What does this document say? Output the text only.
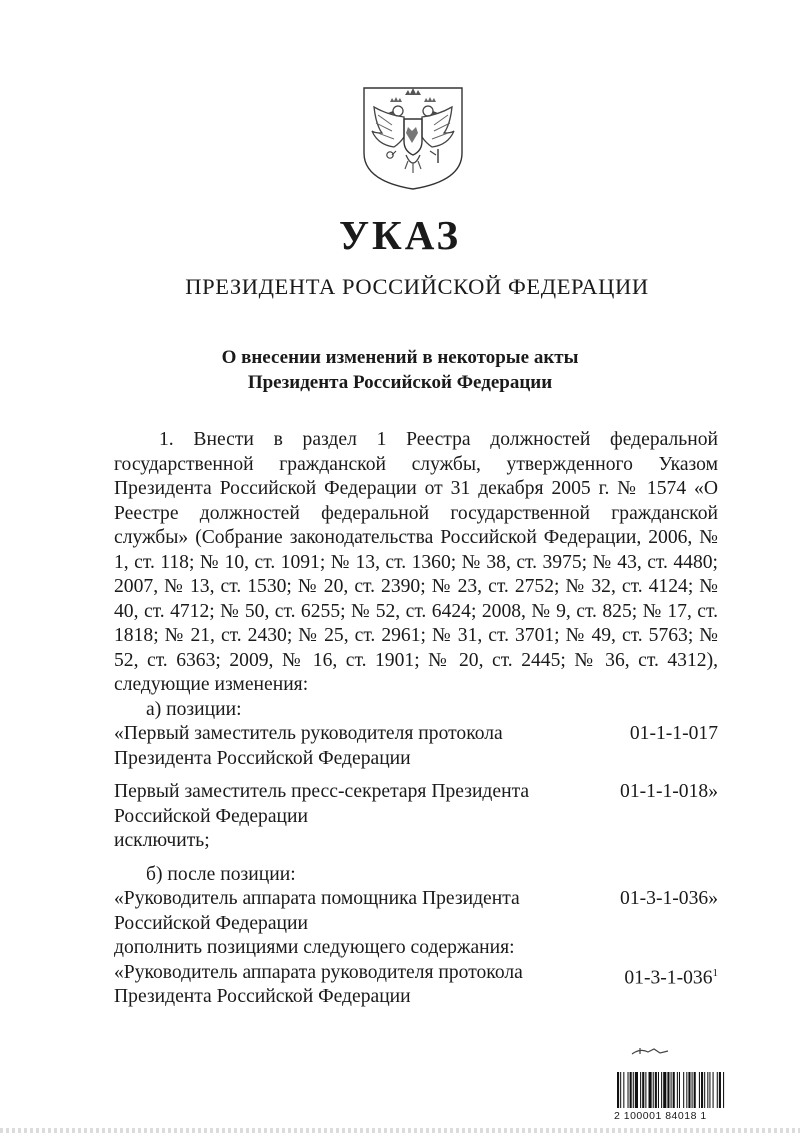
УКАЗ
ПРЕЗИДЕНТА РОССИЙСКОЙ ФЕДЕРАЦИИ
О внесении изменений в некоторые акты
Президента Российской Федерации

1. Внести в раздел 1 Реестра должностей федеральной государственной гражданской службы, утвержденного Указом Президента Российской Федерации от 31 декабря 2005 г. № 1574 «О Реестре должностей федеральной государственной гражданской службы» (Собрание законодательства Российской Федерации, 2006, № 1, ст. 118; № 10, ст. 1091; № 13, ст. 1360; № 38, ст. 3975; № 43, ст. 4480; 2007, № 13, ст. 1530; № 20, ст. 2390; № 23, ст. 2752; № 32, ст. 4124; № 40, ст. 4712; № 50, ст. 6255; № 52, ст. 6424; 2008, № 9, ст. 825; № 17, ст. 1818; № 21, ст. 2430; № 25, ст. 2961; № 31, ст. 3701; № 49, ст. 5763; № 52, ст. 6363; 2009, № 16, ст. 1901; № 20, ст. 2445; № 36, ст. 4312), следующие изменения:

а) позиции:

«Первый заместитель руководителя протокола Президента Российской Федерации
01-1-1-017
Первый заместитель пресс-секретаря Президента Российской Федерации
01-1-1-018»

исключить;

б) после позиции:

«Руководитель аппарата помощника Президента Российской Федерации
01-3-1-036»

дополнить позициями следующего содержания:

«Руководитель аппарата руководителя протокола Президента Российской Федерации
$01-3-1-036^1$
2 100001 84018 1
